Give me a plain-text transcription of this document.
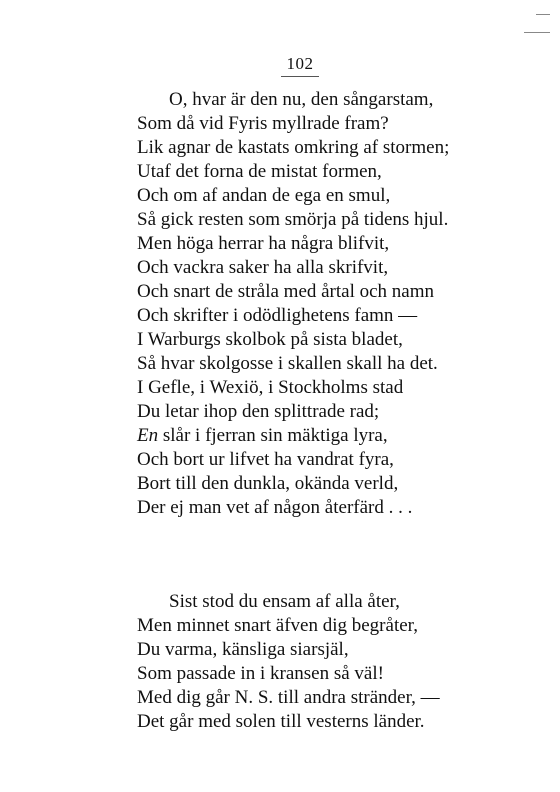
102
O, hvar är den nu, den sångarstam,
Som då vid Fyris myllrade fram?
Lik agnar de kastats omkring af stormen;
Utaf det forna de mistat formen,
Och om af andan de ega en smul,
Så gick resten som smörja på tidens hjul.
Men höga herrar ha några blifvit,
Och vackra saker ha alla skrifvit,
Och snart de stråla med årtal och namn
Och skrifter i odödlighetens famn —
I Warburgs skolbok på sista bladet,
Så hvar skolgosse i skallen skall ha det.
I Gefle, i Wexiö, i Stockholms stad
Du letar ihop den splittrade rad;
En slår i fjerran sin mäktiga lyra,
Och bort ur lifvet ha vandrat fyra,
Bort till den dunkla, okända verld,
Der ej man vet af någon återfärd . . .
Sist stod du ensam af alla åter,
Men minnet snart äfven dig begråter,
Du varma, känsliga siarsjäl,
Som passade in i kransen så väl!
Med dig går N. S. till andra stränder, —
Det går med solen till vesterns länder.
